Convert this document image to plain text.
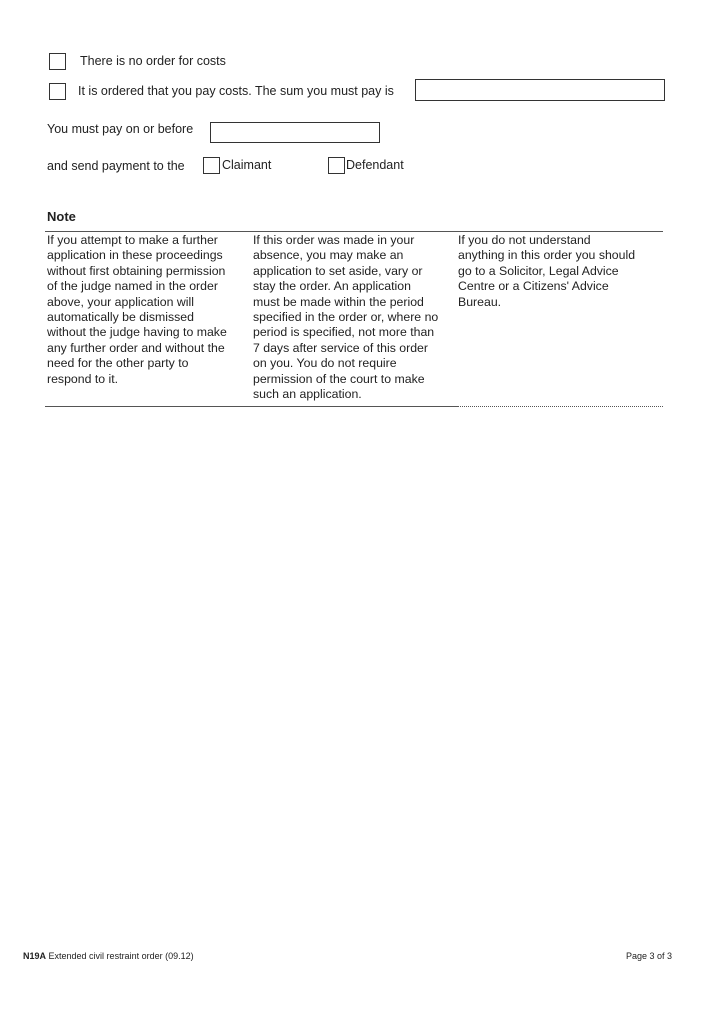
There is no order for costs
It is ordered that you pay costs. The sum you must pay is
You must pay on or before
and send payment to the	Claimant	Defendant
Note
If you attempt to make a further
application in these proceedings
without first obtaining permission
of the judge named in the order
above, your application will
automatically be dismissed
without the judge having to make
any further order and without the
need for the other party to
respond to it.
If this order was made in your
absence, you may make an
application to set aside, vary or
stay the order. An application
must be made within the period
specified in the order or, where no
period is specified, not more than
7 days after service of this order
on you. You do not require
permission of the court to make
such an application.
If you do not understand
anything in this order you should
go to a Solicitor, Legal Advice
Centre or a Citizens' Advice
Bureau.
N19A Extended civil restraint order (09.12)	Page 3 of 3
